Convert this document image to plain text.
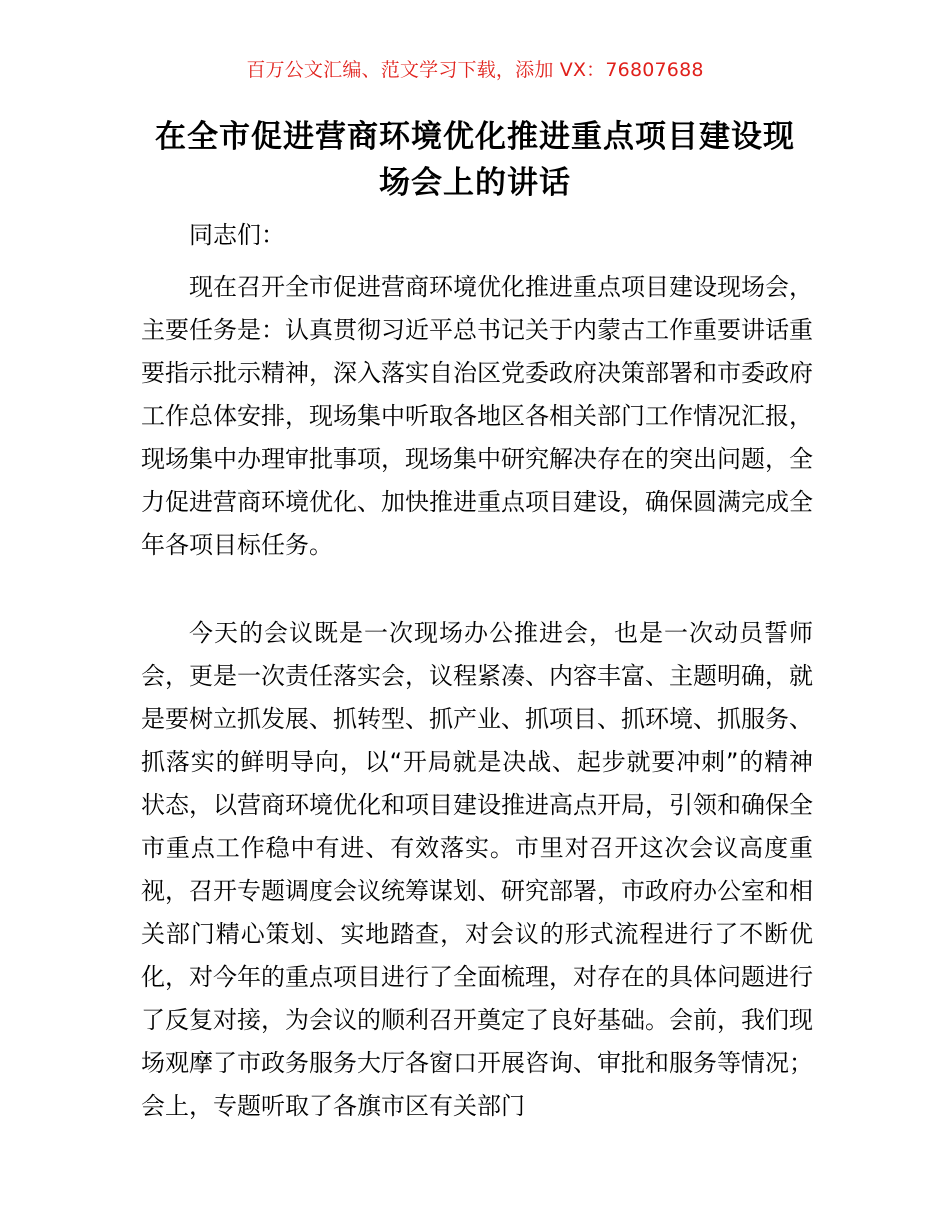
百万公文汇编、范文学习下载，添加 VX：76807688
在全市促进营商环境优化推进重点项目建设现场会上的讲话

同志们：

现在召开全市促进营商环境优化推进重点项目建设现场会，主要任务是：认真贯彻习近平总书记关于内蒙古工作重要讲话重要指示批示精神，深入落实自治区党委政府决策部署和市委政府工作总体安排，现场集中听取各地区各相关部门工作情况汇报，现场集中办理审批事项，现场集中研究解决存在的突出问题，全力促进营商环境优化、加快推进重点项目建设，确保圆满完成全年各项目标任务。

今天的会议既是一次现场办公推进会，也是一次动员誓师会，更是一次责任落实会，议程紧凑、内容丰富、主题明确，就是要树立抓发展、抓转型、抓产业、抓项目、抓环境、抓服务、抓落实的鲜明导向，以“开局就是决战、起步就要冲刺”的精神状态，以营商环境优化和项目建设推进高点开局，引领和确保全市重点工作稳中有进、有效落实。市里对召开这次会议高度重视，召开专题调度会议统筹谋划、研究部署，市政府办公室和相关部门精心策划、实地踏查，对会议的形式流程进行了不断优化，对今年的重点项目进行了全面梳理，对存在的具体问题进行了反复对接，为会议的顺利召开奠定了良好基础。会前，我们现场观摩了市政务服务大厅各窗口开展咨询、审批和服务等情况；会上，专题听取了各旗市区有关部门
